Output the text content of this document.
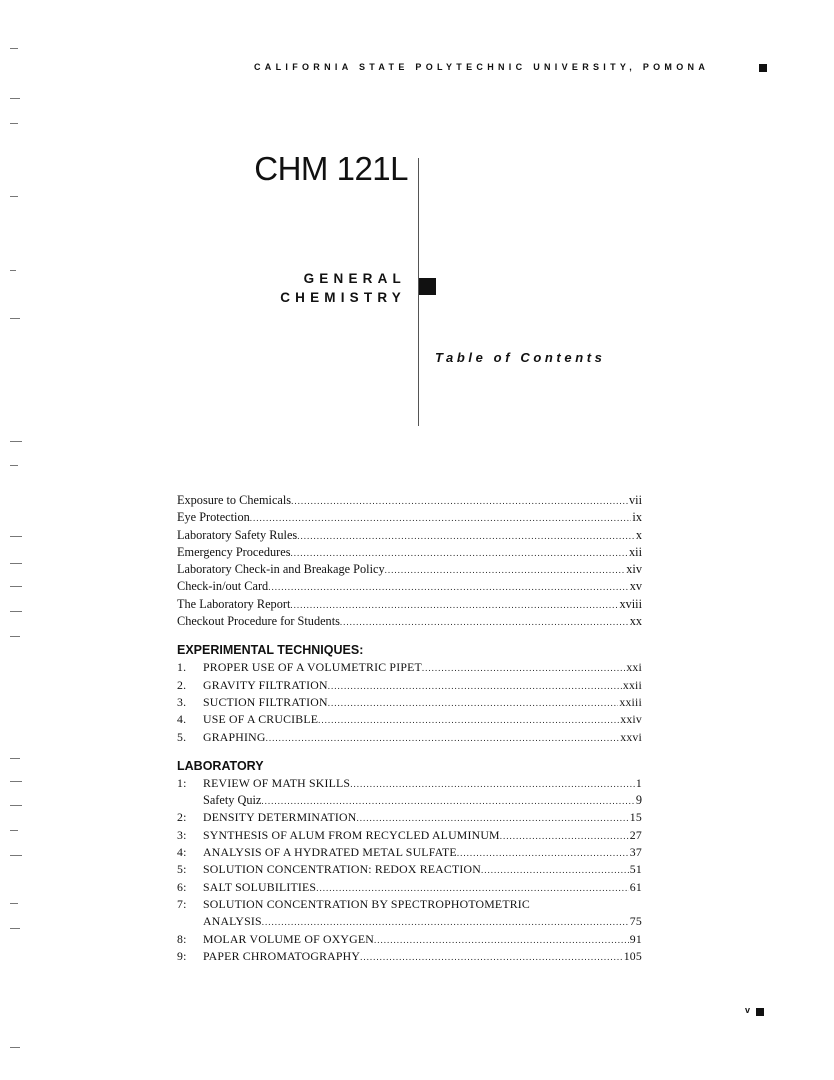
CALIFORNIA STATE POLYTECHNIC UNIVERSITY, POMONA
CHM 121L
GENERAL
CHEMISTRY
Table of Contents
Exposure to Chemicals .....	vii
Eye Protection .....	ix
Laboratory Safety Rules .....	x
Emergency Procedures .....	xii
Laboratory Check-in and Breakage Policy .....	xiv
Check-in/out Card .....	xv
The Laboratory Report .....	xviii
Checkout Procedure for Students .....	xx
EXPERIMENTAL TECHNIQUES:
1.	PROPER USE OF A VOLUMETRIC PIPET .....	xxi
2.	GRAVITY FILTRATION .....	xxii
3.	SUCTION FILTRATION .....	xxiii
4.	USE OF A CRUCIBLE .....	xxiv
5.	GRAPHING .....	xxvi
LABORATORY
1:	REVIEW OF MATH SKILLS .....	1
Safety Quiz .....	9
2:	DENSITY DETERMINATION .....	15
3:	SYNTHESIS OF ALUM FROM RECYCLED ALUMINUM .....	27
4:	ANALYSIS OF A HYDRATED METAL SULFATE .....	37
5:	SOLUTION CONCENTRATION: REDOX REACTION .....	51
6:	SALT SOLUBILITIES .....	61
7:	SOLUTION CONCENTRATION BY SPECTROPHOTOMETRIC
ANALYSIS .....	75
8:	MOLAR VOLUME OF OXYGEN .....	91
9:	PAPER CHROMATOGRAPHY .....	105
v
